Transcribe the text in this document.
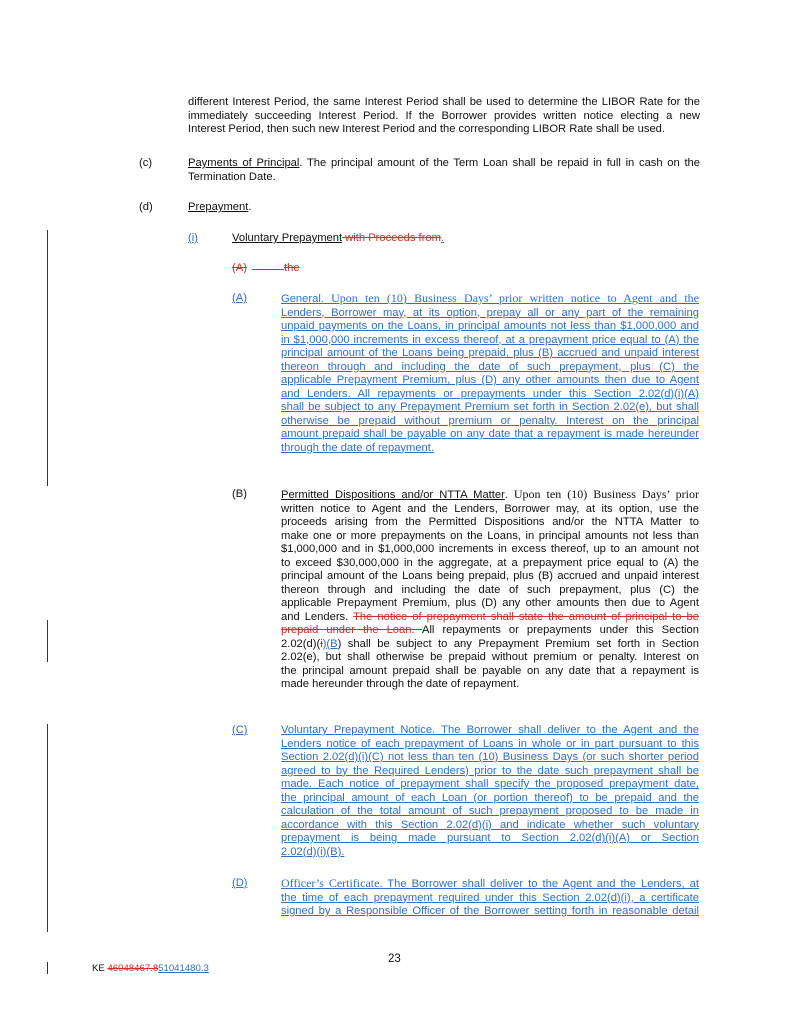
different Interest Period, the same Interest Period shall be used to determine the LIBOR Rate for the
immediately succeeding Interest Period. If the Borrower provides written notice electing a new
Interest Period, then such new Interest Period and the corresponding LIBOR Rate shall be used.
(c)	Payments of Principal. The principal amount of the Term Loan shall be repaid in full in cash on the
Termination Date.
(d)	Prepayment.
(i)	Voluntary Prepayment with Proceeds from.
(A)	the
(A)	General. Upon ten (10) Business Days’ prior written notice to Agent and the
Lenders, Borrower may, at its option, prepay all or any part of the remaining
unpaid payments on the Loans, in principal amounts not less than $1,000,000 and
in $1,000,000 increments in excess thereof, at a prepayment price equal to (A) the
principal amount of the Loans being prepaid, plus (B) accrued and unpaid interest
thereon through and including the date of such prepayment, plus (C) the
applicable Prepayment Premium, plus (D) any other amounts then due to Agent
and Lenders. All repayments or prepayments under this Section 2.02(d)(i)(A)
shall be subject to any Prepayment Premium set forth in Section 2.02(e), but shall
otherwise be prepaid without premium or penalty. Interest on the principal
amount prepaid shall be payable on any date that a repayment is made hereunder
through the date of repayment.
(B)	Permitted Dispositions and/or NTTA Matter. Upon ten (10) Business Days’ prior
written notice to Agent and the Lenders, Borrower may, at its option, use the
proceeds arising from the Permitted Dispositions and/or the NTTA Matter to
make one or more prepayments on the Loans, in principal amounts not less than
$1,000,000 and in $1,000,000 increments in excess thereof, up to an amount not
to exceed $30,000,000 in the aggregate, at a prepayment price equal to (A) the
principal amount of the Loans being prepaid, plus (B) accrued and unpaid interest
thereon through and including the date of such prepayment, plus (C) the
applicable Prepayment Premium, plus (D) any other amounts then due to Agent
and Lenders. The notice of prepayment shall state the amount of principal to be
prepaid under the Loan. All repayments or prepayments under this Section
2.02(d)(i)(B) shall be subject to any Prepayment Premium set forth in Section
2.02(e), but shall otherwise be prepaid without premium or penalty. Interest on
the principal amount prepaid shall be payable on any date that a repayment is
made hereunder through the date of repayment.
(C)	Voluntary Prepayment Notice. The Borrower shall deliver to the Agent and the
Lenders notice of each prepayment of Loans in whole or in part pursuant to this
Section 2.02(d)(i)(C) not less than ten (10) Business Days (or such shorter period
agreed to by the Required Lenders) prior to the date such prepayment shall be
made. Each notice of prepayment shall specify the proposed prepayment date,
the principal amount of each Loan (or portion thereof) to be prepaid and the
calculation of the total amount of such prepayment proposed to be made in
accordance with this Section 2.02(d)(i) and indicate whether such voluntary
prepayment is being made pursuant to Section 2.02(d)(i)(A) or Section
2.02(d)(i)(B).
(D)	Officer’s Certificate. The Borrower shall deliver to the Agent and the Lenders, at
the time of each prepayment required under this Section 2.02(d)(i), a certificate
signed by a Responsible Officer of the Borrower setting forth in reasonable detail
23
KE 46048467.851041480.3
